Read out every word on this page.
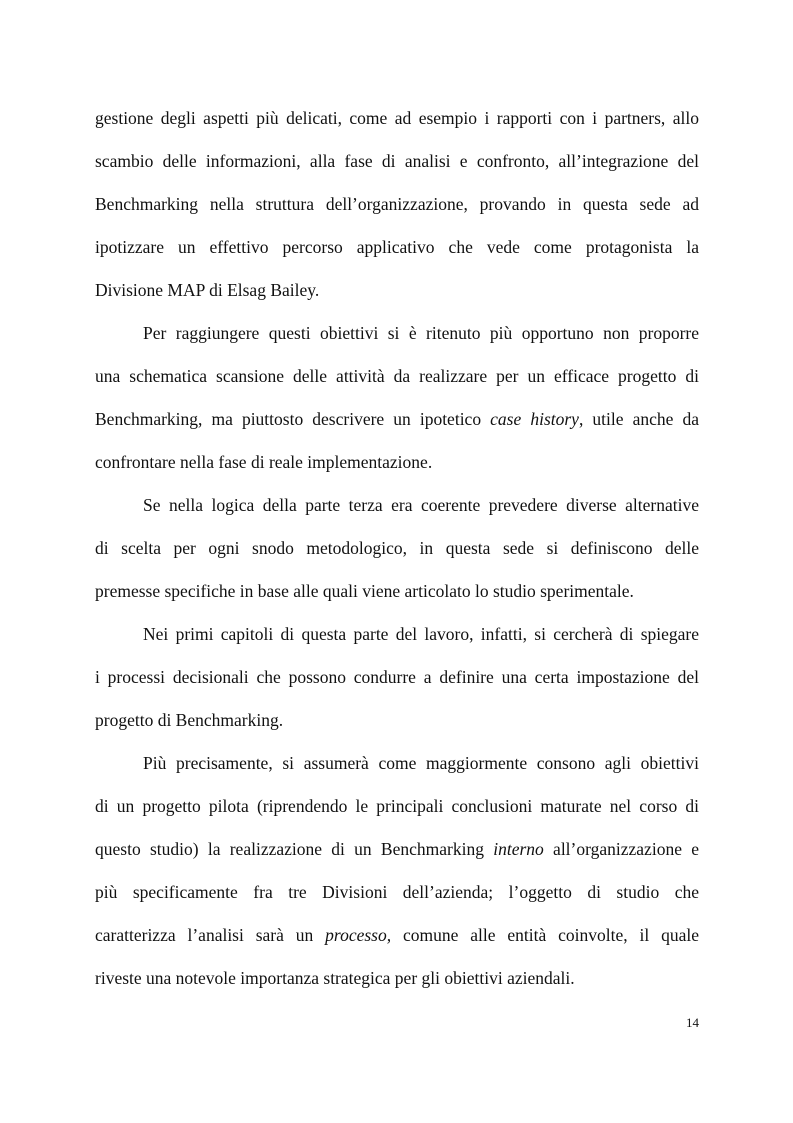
gestione degli aspetti più delicati, come ad esempio i rapporti con i partners, allo
scambio delle informazioni, alla fase di analisi e confronto, all’integrazione del
Benchmarking nella struttura dell’organizzazione, provando in questa sede ad
ipotizzare un effettivo percorso applicativo che vede come protagonista la
Divisione MAP di Elsag Bailey.
Per raggiungere questi obiettivi si è ritenuto più opportuno non proporre
una schematica scansione delle attività da realizzare per un efficace progetto di
Benchmarking, ma piuttosto descrivere un ipotetico case history, utile anche da
confrontare nella fase di reale implementazione.
Se nella logica della parte terza era coerente prevedere diverse alternative
di scelta per ogni snodo metodologico, in questa sede si definiscono delle
premesse specifiche in base alle quali viene articolato lo studio sperimentale.
Nei primi capitoli di questa parte del lavoro, infatti, si cercherà di spiegare
i processi decisionali che possono condurre a definire una certa impostazione del
progetto di Benchmarking.
Più precisamente, si assumerà come maggiormente consono agli obiettivi
di un progetto pilota (riprendendo le principali conclusioni maturate nel corso di
questo studio) la realizzazione di un Benchmarking interno all’organizzazione e
più specificamente fra tre Divisioni dell’azienda; l’oggetto di studio che
caratterizza l’analisi sarà un processo, comune alle entità coinvolte, il quale
riveste una notevole importanza strategica per gli obiettivi aziendali.
14
